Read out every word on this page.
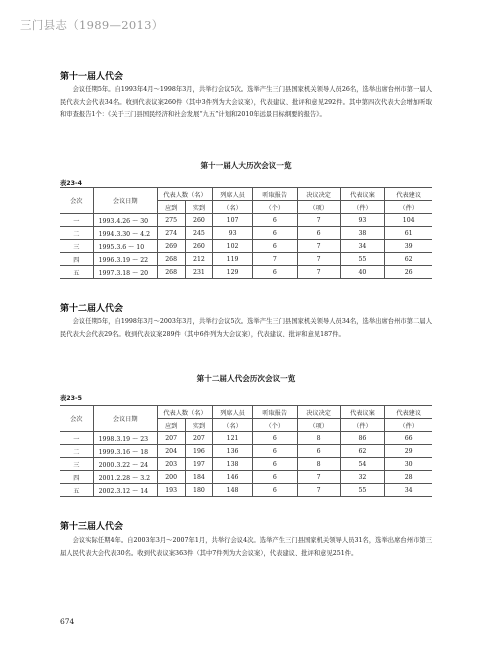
三门县志（1989—2013）
第十一届人代会

会议任期5年。自1993年4月～1998年3月，共举行会议5次。选举产生三门县国家机关领导人员26名，选举出席台州市第一届人民代表大会代表34名。收到代表议案260件（其中3件列为大会议案），代表建议、批评和意见292件。其中第四次代表大会增加听取和审查报告1个：《关于三门县国民经济和社会发展“九五”计划和2010年远景目标纲要的报告》。

第十一届人大历次会议一览
表23-4
会次	会议日期	代表人数（名）		列席人员	听取报告	决议决定	代表议案	代表建议
		应到	实到	（名）	（个）	（项）	（件）	（件）
一	1993.4.26 ～ 30	275	260	107	6	7	93	104
二	1994.3.30 ～ 4.2	274	245	93	6	6	38	61
三	1995.3.6 ～ 10	269	260	102	6	7	34	39
四	1996.3.19 ～ 22	268	212	119	7	7	55	62
五	1997.3.18 ～ 20	268	231	129	6	7	40	26
第十二届人代会

会议任期5年，自1998年3月～2003年3月，共举行会议5次。选举产生三门县国家机关领导人员34名，选举出席台州市第二届人民代表大会代表29名。收到代表议案289件（其中6件列为大会议案），代表建议、批评和意见187件。

第十二届人代会历次会议一览
表23-5
会次	会议日期	代表人数（名）		列席人员	听取报告	决议决定	代表议案	代表建议
		应到	实到	（名）	（个）	（项）	（件）	（件）
一	1998.3.19 ～ 23	207	207	121	6	8	86	66
二	1999.3.16 ～ 18	204	196	136	6	6	62	29
三	2000.3.22 ～ 24	203	197	138	6	8	54	30
四	2001.2.28 ～ 3.2	200	184	146	6	7	32	28
五	2002.3.12 ～ 14	193	180	148	6	7	55	34
第十三届人代会

会议实际任期4年。自2003年3月～2007年1月，共举行会议4次。选举产生三门县国家机关领导人员31名，选举出席台州市第三届人民代表大会代表30名。收到代表议案363件（其中7件列为大会议案），代表建议、批评和意见251件。

674
